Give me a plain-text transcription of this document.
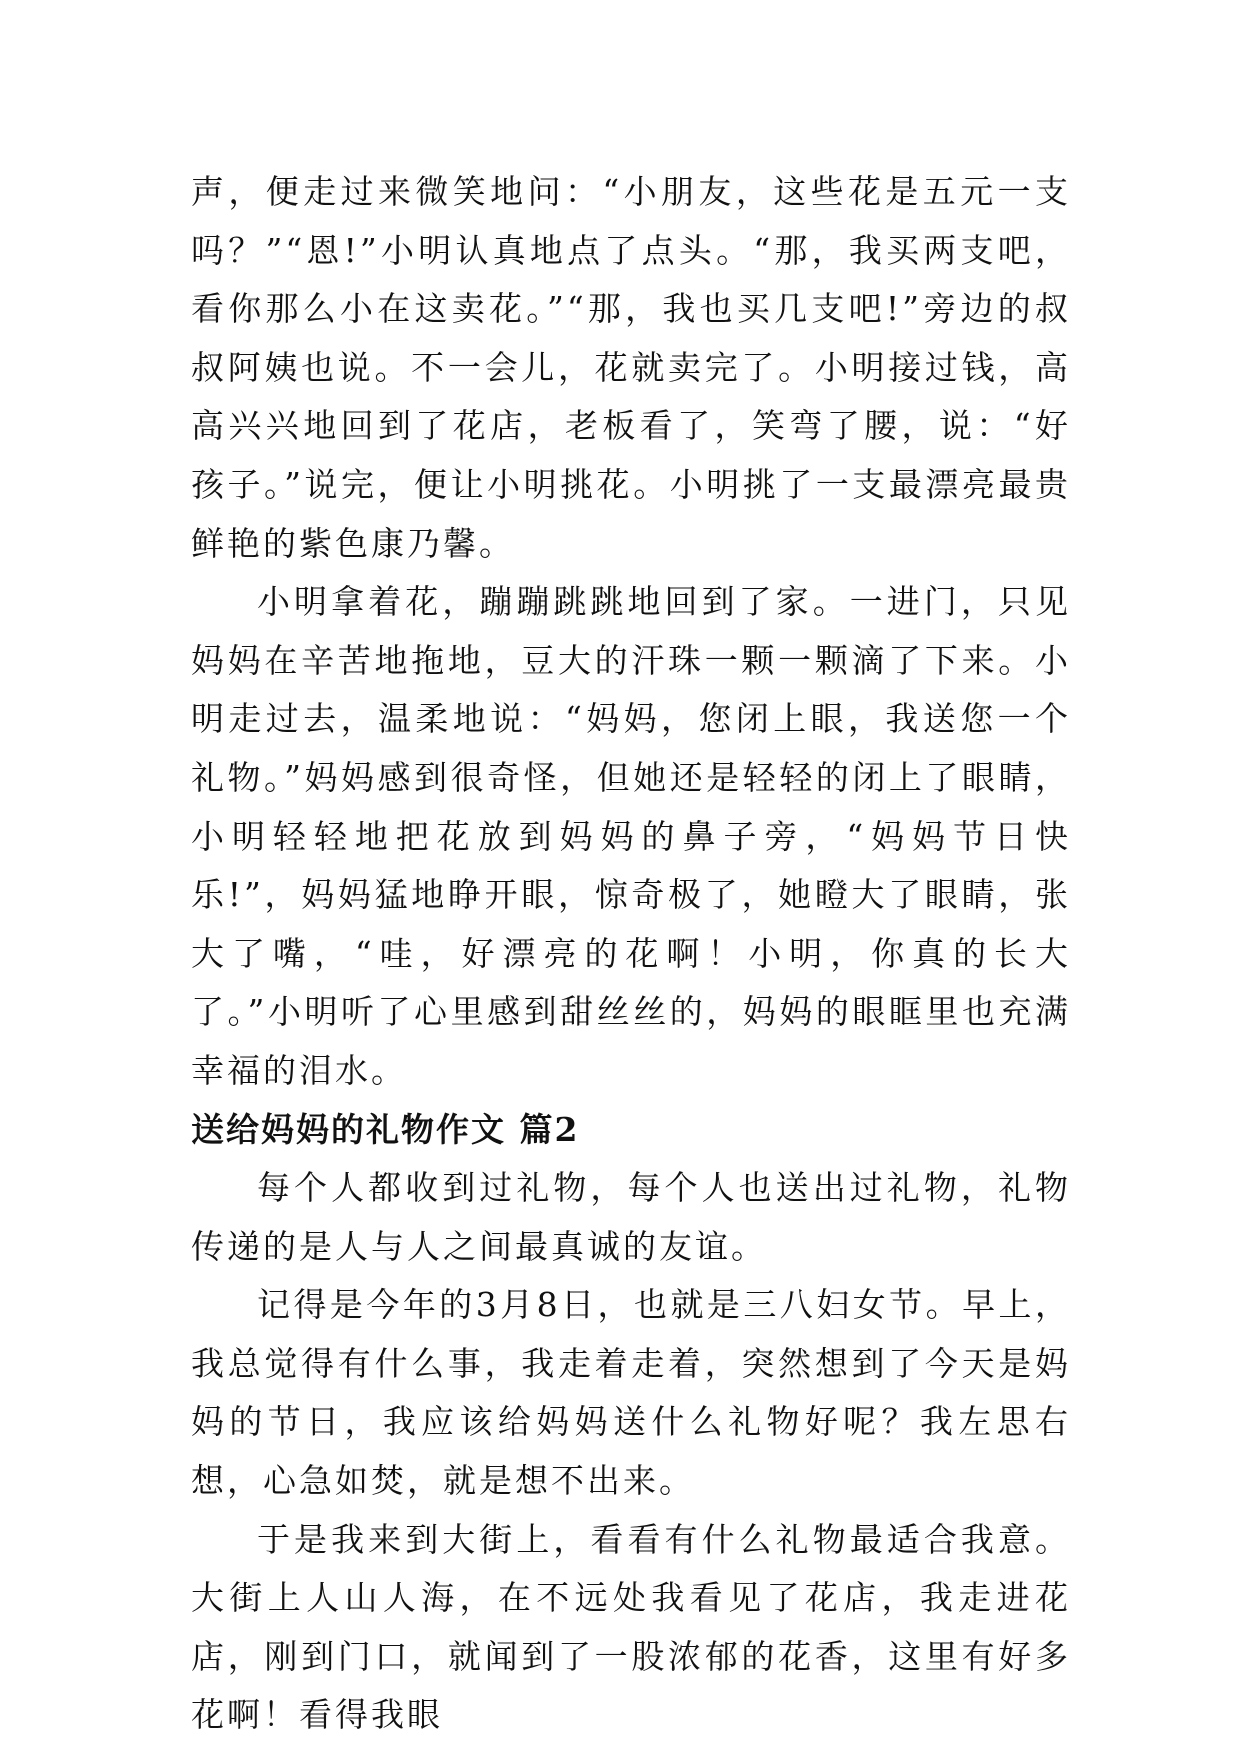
声，便走过来微笑地问：“小朋友，这些花是五元一支吗？”“恩!”小明认真地点了点头。“那，我买两支吧，看你那么小在这卖花。”“那，我也买几支吧!”旁边的叔叔阿姨也说。不一会儿，花就卖完了。小明接过钱，高高兴兴地回到了花店，老板看了，笑弯了腰，说：“好孩子。”说完，便让小明挑花。小明挑了一支最漂亮最贵鲜艳的紫色康乃馨。

小明拿着花，蹦蹦跳跳地回到了家。一进门，只见妈妈在辛苦地拖地，豆大的汗珠一颗一颗滴了下来。小明走过去，温柔地说：“妈妈，您闭上眼，我送您一个礼物。”妈妈感到很奇怪，但她还是轻轻的闭上了眼睛，小明轻轻地把花放到妈妈的鼻子旁，“妈妈节日快乐!”，妈妈猛地睁开眼，惊奇极了，她瞪大了眼睛，张大了嘴，“哇，好漂亮的花啊！小明，你真的长大了。”小明听了心里感到甜丝丝的，妈妈的眼眶里也充满幸福的泪水。

送给妈妈的礼物作文 篇2

每个人都收到过礼物，每个人也送出过礼物，礼物传递的是人与人之间最真诚的友谊。

记得是今年的3月8日，也就是三八妇女节。早上，我总觉得有什么事，我走着走着，突然想到了今天是妈妈的节日，我应该给妈妈送什么礼物好呢？我左思右想，心急如焚，就是想不出来。

于是我来到大街上，看看有什么礼物最适合我意。大街上人山人海，在不远处我看见了花店，我走进花店，刚到门口，就闻到了一股浓郁的花香，这里有好多花啊！看得我眼
